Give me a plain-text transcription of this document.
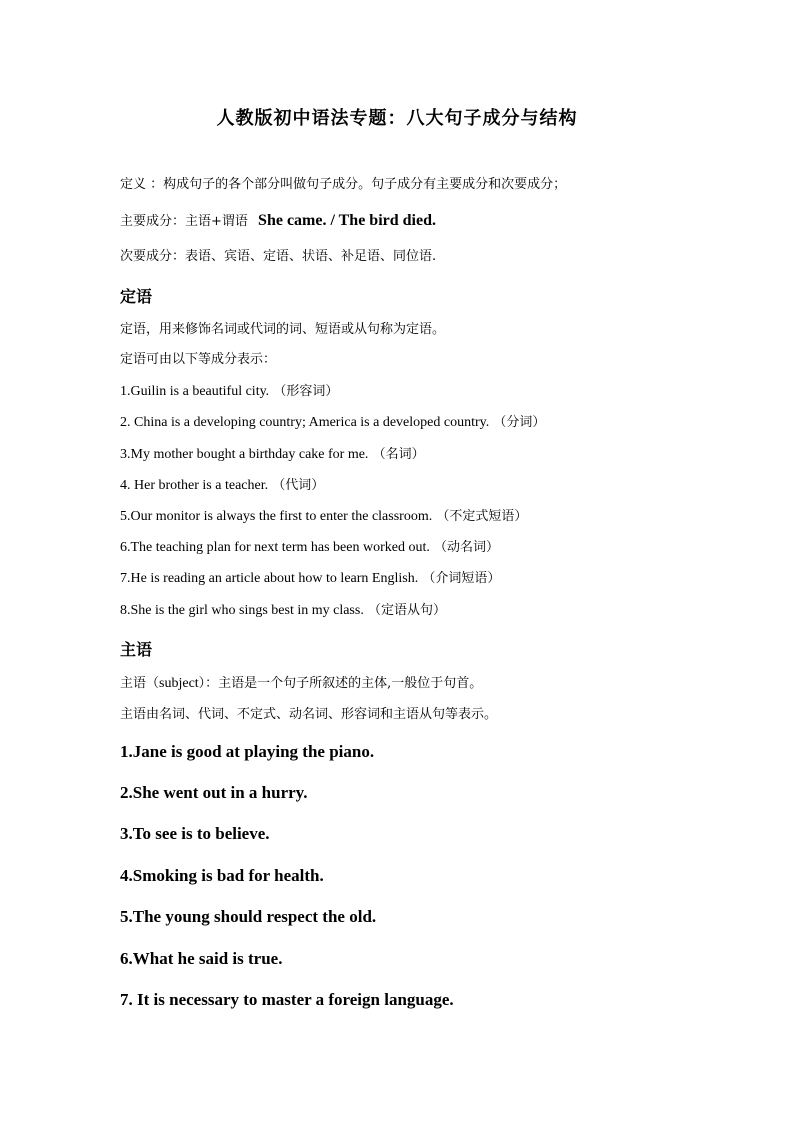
人教版初中语法专题：八大句子成分与结构
定义 ：构成句子的各个部分叫做句子成分。句子成分有主要成分和次要成分；
主要成分：主语+谓语 She came. / The bird died.
次要成分：表语、宾语、定语、状语、补足语、同位语.
定语
定语，用来修饰名词或代词的词、短语或从句称为定语。
定语可由以下等成分表示：
1.Guilin is a beautiful city. （形容词）
2. China is a developing country; America is a developed country. （分词）
3.My mother bought a birthday cake for me. （名词）
4. Her brother is a teacher. （代词）
5.Our monitor is always the first to enter the classroom. （不定式短语）
6.The teaching plan for next term has been worked out. （动名词）
7.He is reading an article about how to learn English. （介词短语）
8.She is the girl who sings best in my class. （定语从句）
主语
主语（subject）：主语是一个句子所叙述的主体,一般位于句首。
主语由名词、代词、不定式、动名词、形容词和主语从句等表示。
1.Jane is good at playing the piano.
2.She went out in a hurry.
3.To see is to believe.
4.Smoking is bad for health.
5.The young should respect the old.
6.What he said is true.
7. It is necessary to master a foreign language.
